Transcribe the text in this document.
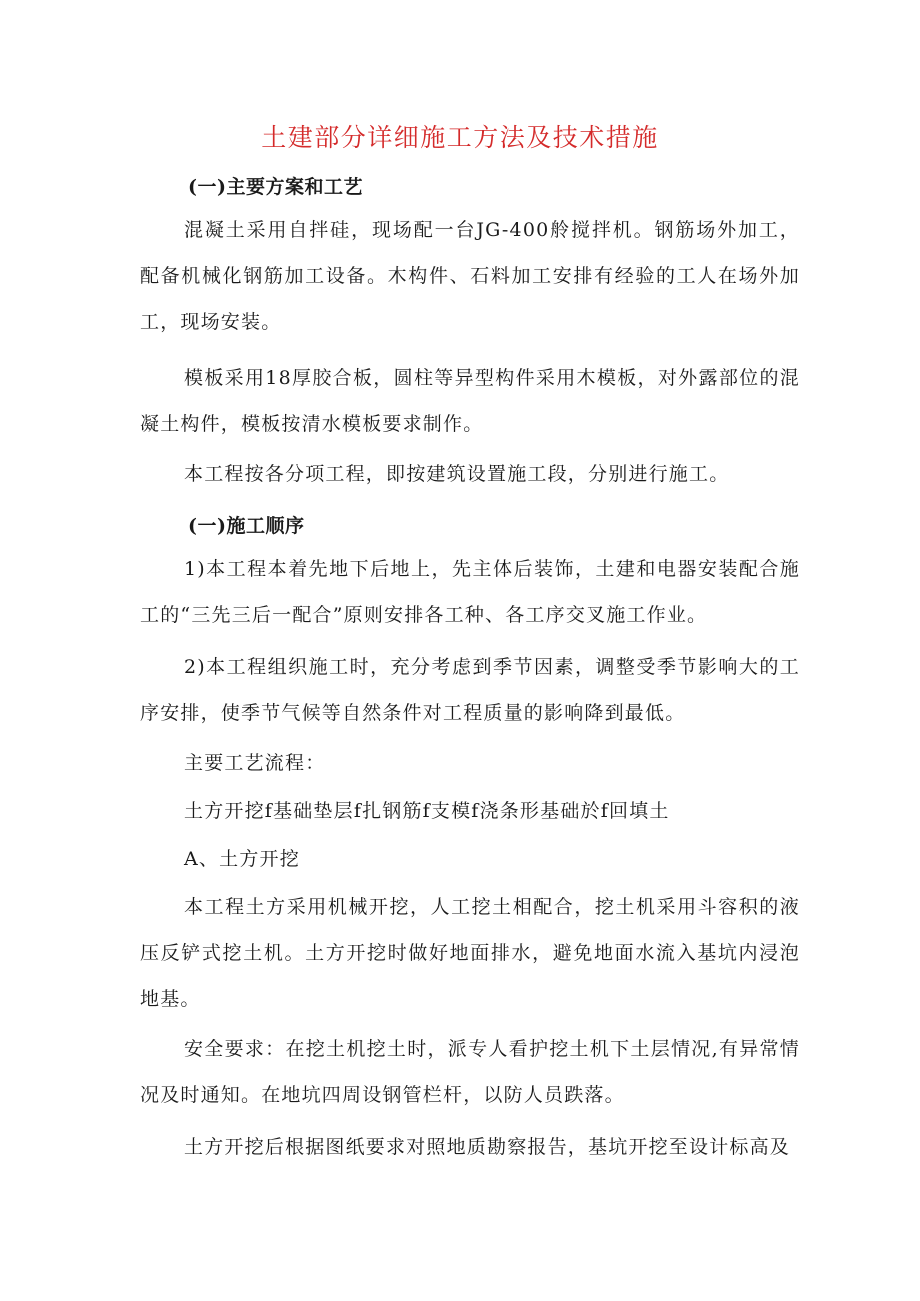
土建部分详细施工方法及技术措施
(一)主要方案和工艺

混凝土采用自拌硅，现场配一台JG-400舲搅拌机。钢筋场外加工，配备机械化钢筋加工设备。木构件、石料加工安排有经验的工人在场外加工，现场安装。

模板采用18厚胶合板，圆柱等异型构件采用木模板，对外露部位的混凝土构件，模板按清水模板要求制作。

本工程按各分项工程，即按建筑设置施工段，分别进行施工。

(一)施工顺序

1)本工程本着先地下后地上，先主体后装饰，土建和电器安装配合施工的“三先三后一配合”原则安排各工种、各工序交叉施工作业。

2)本工程组织施工时，充分考虑到季节因素，调整受季节影响大的工序安排，使季节气候等自然条件对工程质量的影响降到最低。

主要工艺流程：

土方开挖f基础垫层f扎钢筋f支模f浇条形基础於f回填土

A、土方开挖

本工程土方采用机械开挖，人工挖土相配合，挖土机采用斗容积的液压反铲式挖土机。土方开挖时做好地面排水，避免地面水流入基坑内浸泡地基。

安全要求：在挖土机挖土时，派专人看护挖土机下土层情况,有异常情况及时通知。在地坑四周设钢管栏杆，以防人员跌落。

土方开挖后根据图纸要求对照地质勘察报告，基坑开挖至设计标高及
